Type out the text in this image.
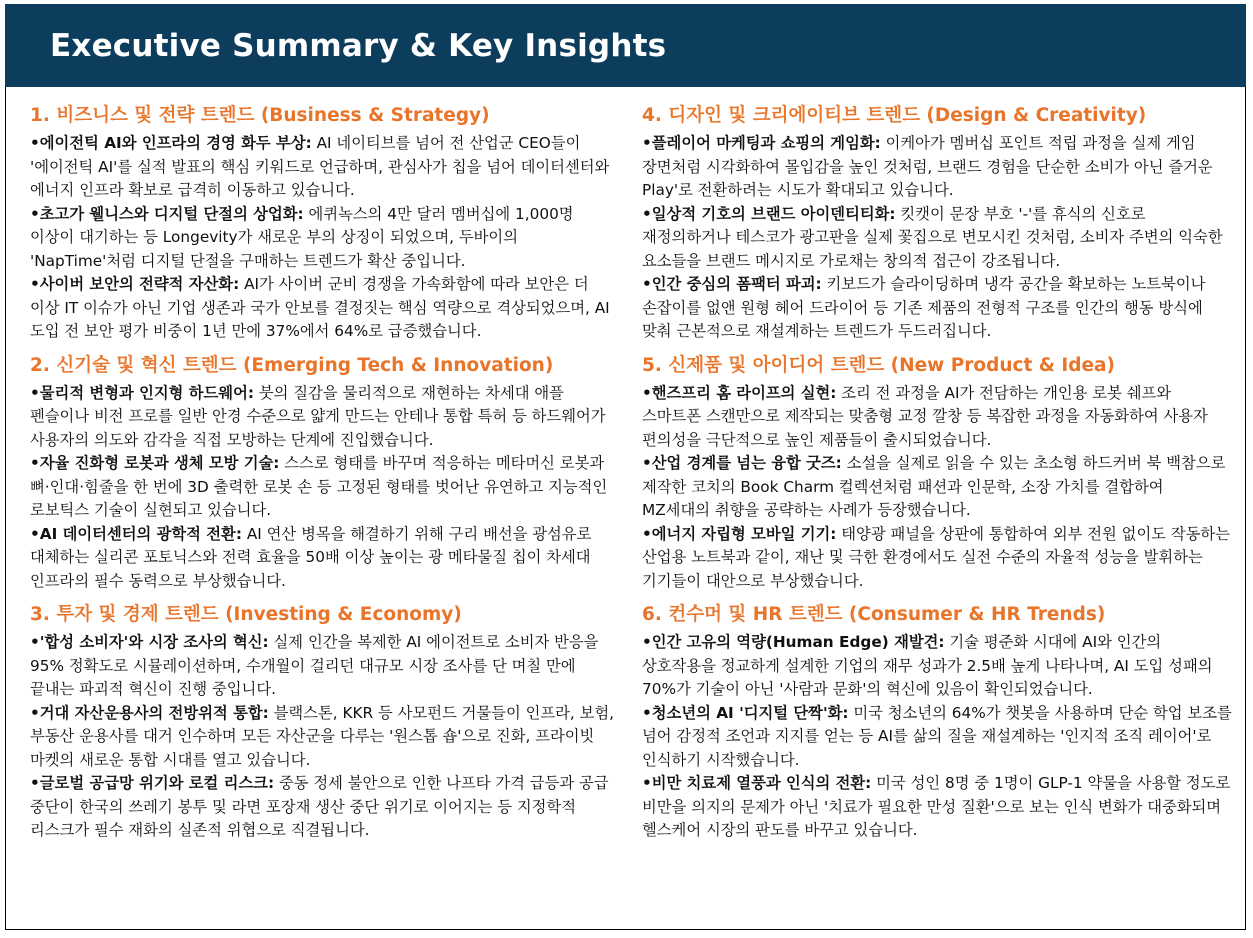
Executive Summary & Key Insights
1. 비즈니스 및 전략 트렌드 (Business & Strategy)

•에이전틱 AI와 인프라의 경영 화두 부상: AI 네이티브를 넘어 전 산업군 CEO들이 '에이전틱 AI'를 실적 발표의 핵심 키워드로 언급하며, 관심사가 칩을 넘어 데이터센터와 에너지 인프라 확보로 급격히 이동하고 있습니다.

•초고가 웰니스와 디지털 단절의 상업화: 에퀴녹스의 4만 달러 멤버십에 1,000명 이상이 대기하는 등 Longevity가 새로운 부의 상징이 되었으며, 두바이의 'NapTime'처럼 디지털 단절을 구매하는 트렌드가 확산 중입니다.

•사이버 보안의 전략적 자산화: AI가 사이버 군비 경쟁을 가속화함에 따라 보안은 더 이상 IT 이슈가 아닌 기업 생존과 국가 안보를 결정짓는 핵심 역량으로 격상되었으며, AI 도입 전 보안 평가 비중이 1년 만에 37%에서 64%로 급증했습니다.

2. 신기술 및 혁신 트렌드 (Emerging Tech & Innovation)

•물리적 변형과 인지형 하드웨어: 붓의 질감을 물리적으로 재현하는 차세대 애플 펜슬이나 비전 프로를 일반 안경 수준으로 얇게 만드는 안테나 통합 특허 등 하드웨어가 사용자의 의도와 감각을 직접 모방하는 단계에 진입했습니다.

•자율 진화형 로봇과 생체 모방 기술: 스스로 형태를 바꾸며 적응하는 메타머신 로봇과 뼈·인대·힘줄을 한 번에 3D 출력한 로봇 손 등 고정된 형태를 벗어난 유연하고 지능적인 로보틱스 기술이 실현되고 있습니다.

•AI 데이터센터의 광학적 전환: AI 연산 병목을 해결하기 위해 구리 배선을 광섬유로 대체하는 실리콘 포토닉스와 전력 효율을 50배 이상 높이는 광 메타물질 칩이 차세대 인프라의 필수 동력으로 부상했습니다.

3. 투자 및 경제 트렌드 (Investing & Economy)

•'합성 소비자'와 시장 조사의 혁신: 실제 인간을 복제한 AI 에이전트로 소비자 반응을 95% 정확도로 시뮬레이션하며, 수개월이 걸리던 대규모 시장 조사를 단 며칠 만에 끝내는 파괴적 혁신이 진행 중입니다.

•거대 자산운용사의 전방위적 통합: 블랙스톤, KKR 등 사모펀드 거물들이 인프라, 보험, 부동산 운용사를 대거 인수하며 모든 자산군을 다루는 '원스톱 숍'으로 진화, 프라이빗 마켓의 새로운 통합 시대를 열고 있습니다.

•글로벌 공급망 위기와 로컬 리스크: 중동 정세 불안으로 인한 나프타 가격 급등과 공급 중단이 한국의 쓰레기 봉투 및 라면 포장재 생산 중단 위기로 이어지는 등 지정학적 리스크가 필수 재화의 실존적 위협으로 직결됩니다.

4. 디자인 및 크리에이티브 트렌드 (Design & Creativity)

•플레이어 마케팅과 쇼핑의 게임화: 이케아가 멤버십 포인트 적립 과정을 실제 게임 장면처럼 시각화하여 몰입감을 높인 것처럼, 브랜드 경험을 단순한 소비가 아닌 즐거운 Play'로 전환하려는 시도가 확대되고 있습니다.

•일상적 기호의 브랜드 아이덴티티화: 킷캣이 문장 부호 '-'를 휴식의 신호로 재정의하거나 테스코가 광고판을 실제 꽃집으로 변모시킨 것처럼, 소비자 주변의 익숙한 요소들을 브랜드 메시지로 가로채는 창의적 접근이 강조됩니다.

•인간 중심의 폼팩터 파괴: 키보드가 슬라이딩하며 냉각 공간을 확보하는 노트북이나 손잡이를 없앤 원형 헤어 드라이어 등 기존 제품의 전형적 구조를 인간의 행동 방식에 맞춰 근본적으로 재설계하는 트렌드가 두드러집니다.

5. 신제품 및 아이디어 트렌드 (New Product & Idea)

•핸즈프리 홈 라이프의 실현: 조리 전 과정을 AI가 전담하는 개인용 로봇 쉐프와 스마트폰 스캔만으로 제작되는 맞춤형 교정 깔창 등 복잡한 과정을 자동화하여 사용자 편의성을 극단적으로 높인 제품들이 출시되었습니다.

•산업 경계를 넘는 융합 굿즈: 소설을 실제로 읽을 수 있는 초소형 하드커버 북 백참으로 제작한 코치의 Book Charm 컬렉션처럼 패션과 인문학, 소장 가치를 결합하여 MZ세대의 취향을 공략하는 사례가 등장했습니다.

•에너지 자립형 모바일 기기: 태양광 패널을 상판에 통합하여 외부 전원 없이도 작동하는 산업용 노트북과 같이, 재난 및 극한 환경에서도 실전 수준의 자율적 성능을 발휘하는 기기들이 대안으로 부상했습니다.

6. 컨수머 및 HR 트렌드 (Consumer & HR Trends)

•인간 고유의 역량(Human Edge) 재발견: 기술 평준화 시대에 AI와 인간의 상호작용을 정교하게 설계한 기업의 재무 성과가 2.5배 높게 나타나며, AI 도입 성패의 70%가 기술이 아닌 '사람과 문화'의 혁신에 있음이 확인되었습니다.

•청소년의 AI '디지털 단짝'화: 미국 청소년의 64%가 챗봇을 사용하며 단순 학업 보조를 넘어 감정적 조언과 지지를 얻는 등 AI를 삶의 질을 재설계하는 '인지적 조직 레이어'로 인식하기 시작했습니다.

•비만 치료제 열풍과 인식의 전환: 미국 성인 8명 중 1명이 GLP-1 약물을 사용할 정도로 비만을 의지의 문제가 아닌 '치료가 필요한 만성 질환'으로 보는 인식 변화가 대중화되며 헬스케어 시장의 판도를 바꾸고 있습니다.
